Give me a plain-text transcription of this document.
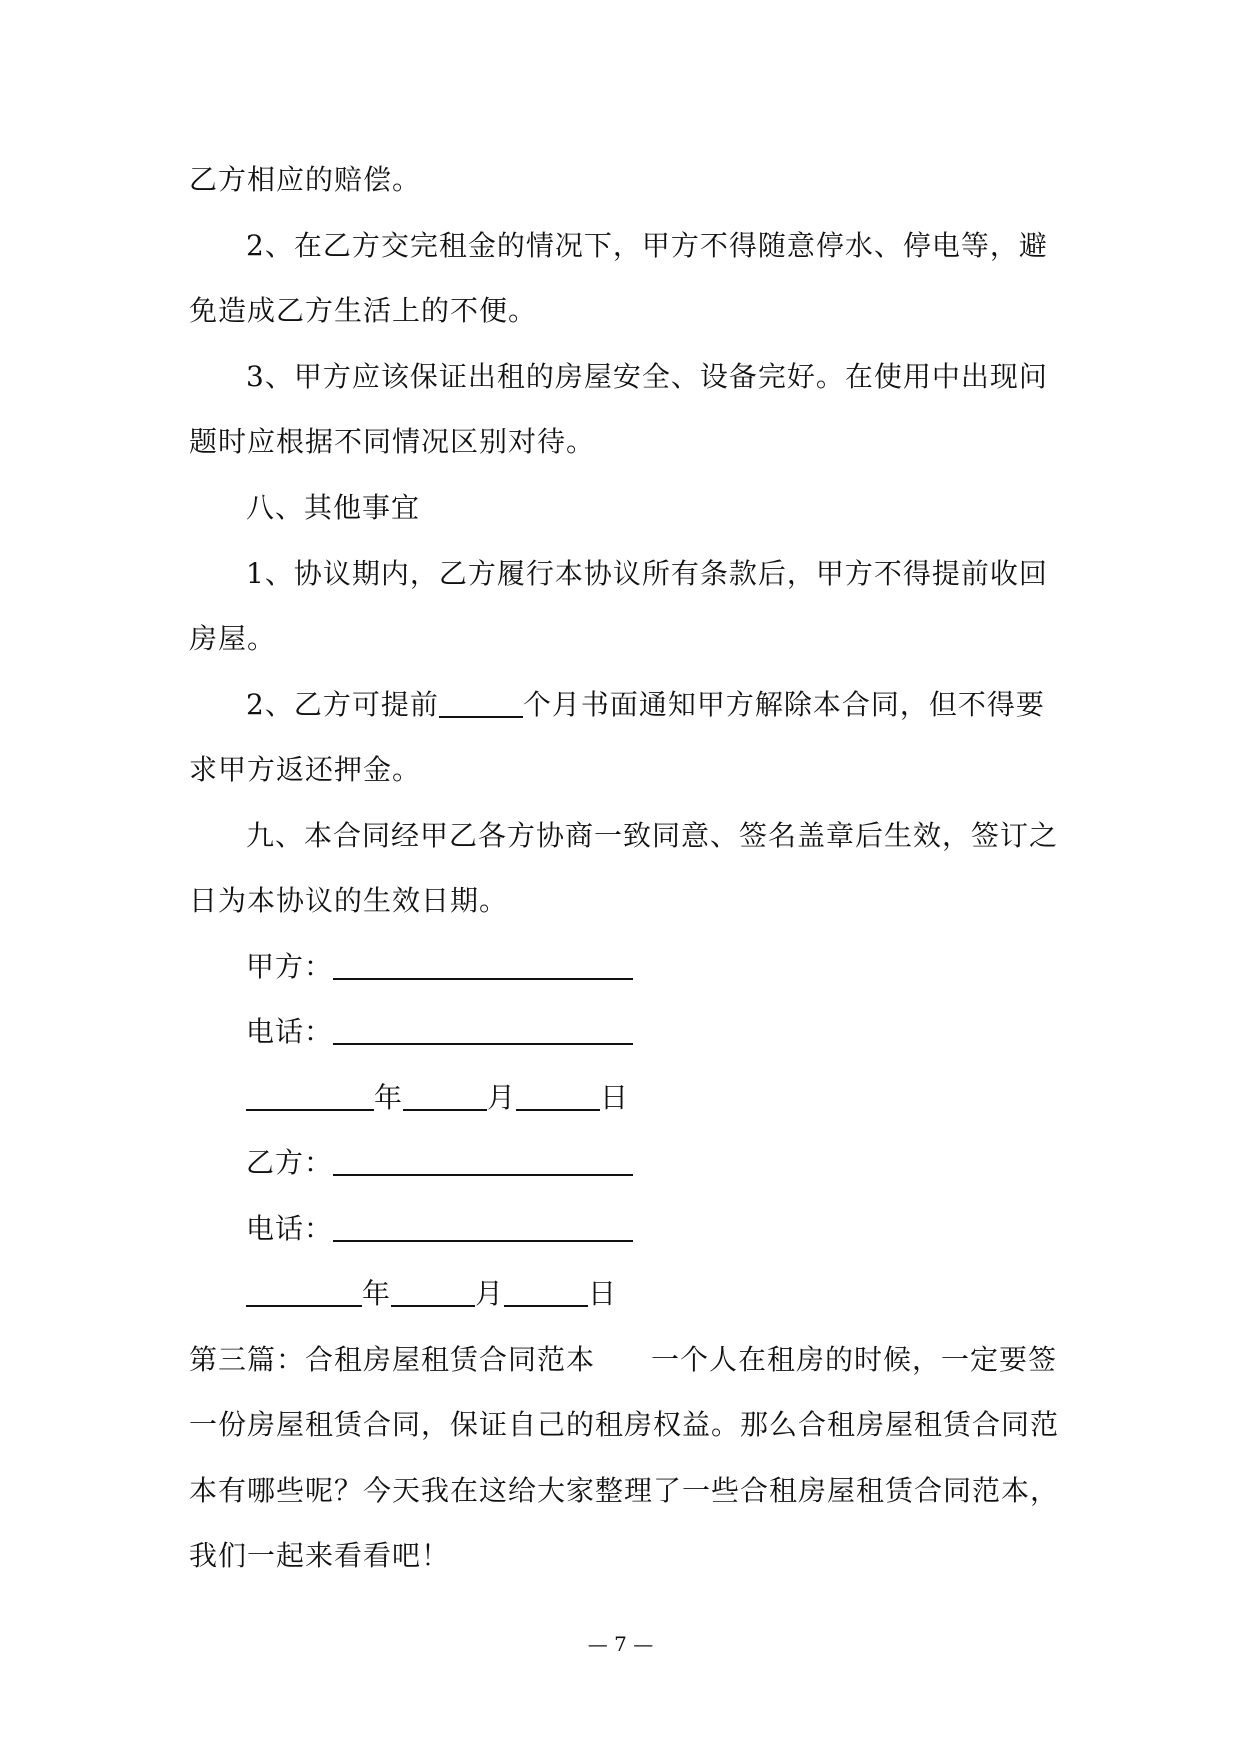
乙方相应的赔偿。
2、在乙方交完租金的情况下，甲方不得随意停水、停电等，避
免造成乙方生活上的不便。
3、甲方应该保证出租的房屋安全、设备完好。在使用中出现问
题时应根据不同情况区别对待。
八、其他事宜
1、协议期内，乙方履行本协议所有条款后，甲方不得提前收回
房屋。
2、乙方可提前	个月书面通知甲方解除本合同，但不得要
求甲方返还押金。
九、本合同经甲乙各方协商一致同意、签名盖章后生效，签订之
日为本协议的生效日期。
甲方：
电话：
年	月	日
乙方：
电话：
年	月	日
第三篇：合租房屋租赁合同范本 一个人在租房的时候，一定要签
一份房屋租赁合同，保证自己的租房权益。那么合租房屋租赁合同范
本有哪些呢？今天我在这给大家整理了一些合租房屋租赁合同范本，
我们一起来看看吧！
— 7 —
